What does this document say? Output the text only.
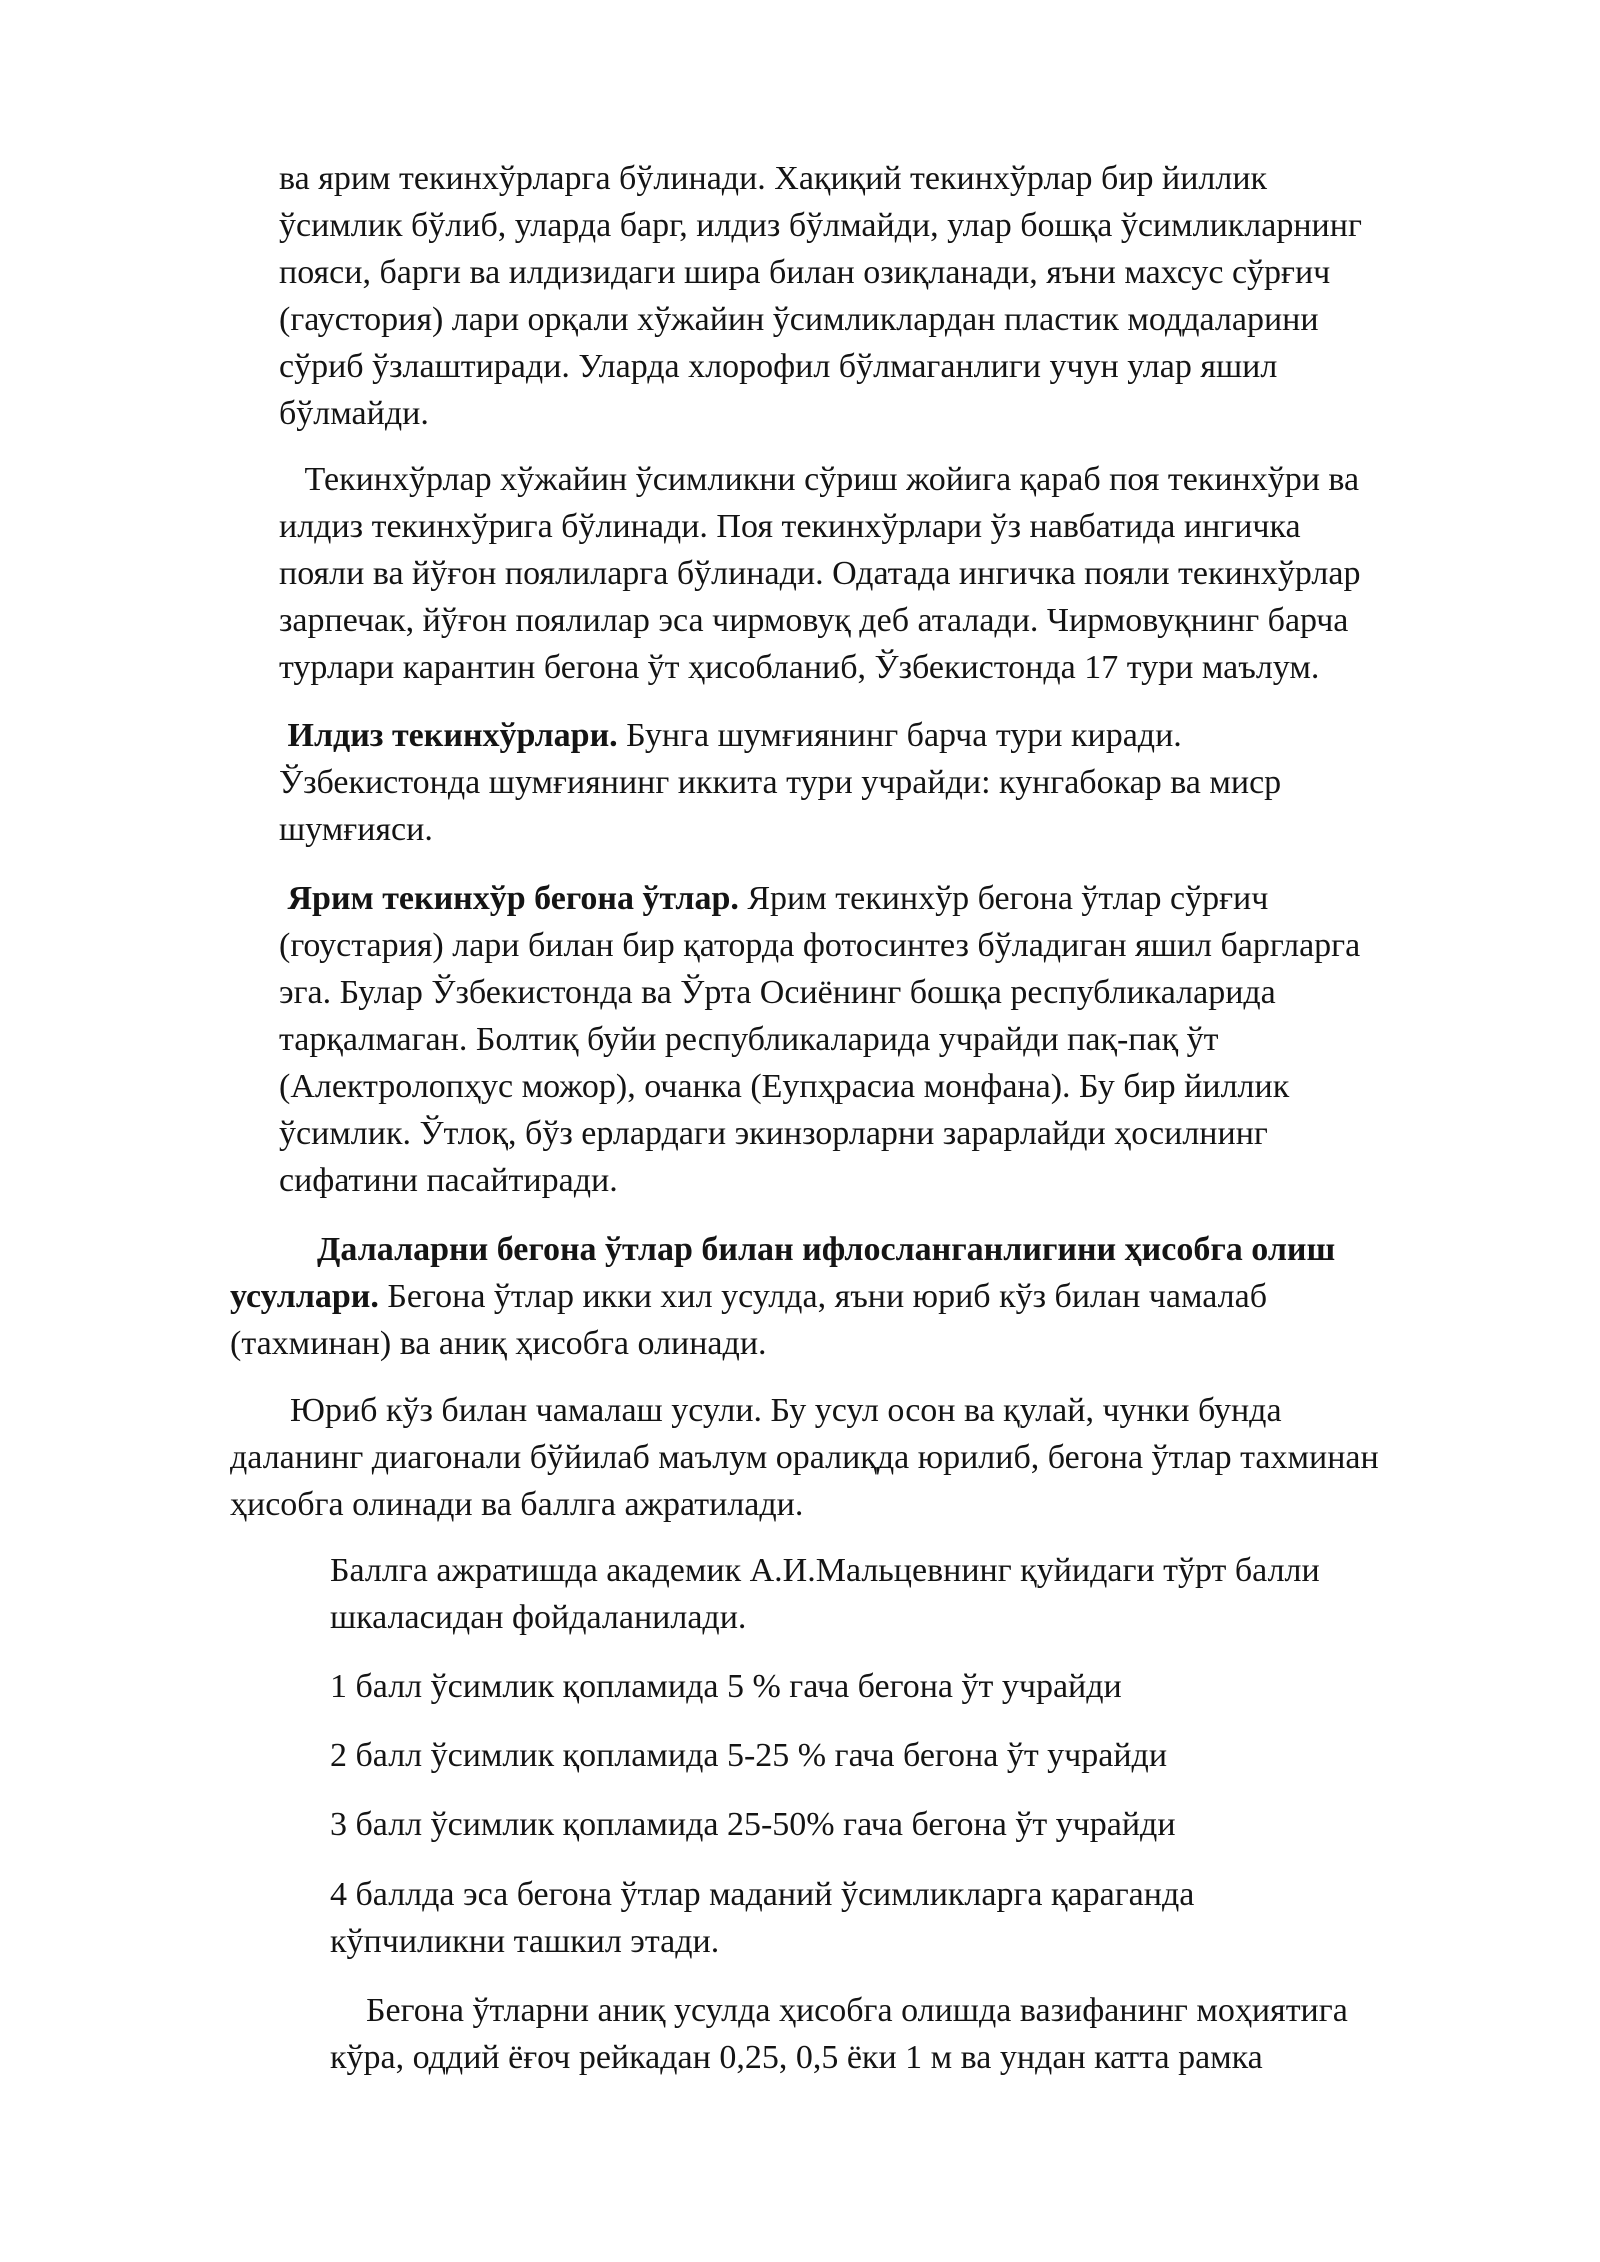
ва ярим текинхўрларга бўлинади. Хақиқий текинхўрлар бир йиллик
ўсимлик бўлиб, уларда барг, илдиз бўлмайди, улар бошқа ўсимликларнинг
пояси, барги ва илдизидаги шира билан озиқланади, яъни махсус сўрғич
(гаустория) лари орқали хўжайин ўсимликлардан пластик моддаларини
сўриб ўзлаштиради. Уларда хлорофил бўлмаганлиги учун улар яшил
бўлмайди.

Текинхўрлар хўжайин ўсимликни сўриш жойига қараб поя текинхўри ва
илдиз текинхўрига бўлинади. Поя текинхўрлари ўз навбатида ингичка
пояли ва йўғон поялиларга бўлинади. Одатада ингичка пояли текинхўрлар
зарпечак, йўғон поялилар эса чирмовуқ деб аталади. Чирмовуқнинг барча
турлари карантин бегона ўт ҳисобланиб, Ўзбекистонда 17 тури маълум.

Илдиз текинхўрлари. Бунга шумғиянинг барча тури киради.
Ўзбекистонда шумғиянинг иккита тури учрайди: кунгабокар ва миср
шумғияси.

Ярим текинхўр бегона ўтлар. Ярим текинхўр бегона ўтлар сўрғич
(гоустария) лари билан бир қаторда фотосинтез бўладиган яшил баргларга
эга. Булар Ўзбекистонда ва Ўрта Осиёнинг бошқа республикаларида
тарқалмаган. Болтиқ буйи республикаларида учрайди пақ-пақ ўт
(Алектролопҳус можор), очанка (Еупҳрасиа монфана). Бу бир йиллик
ўсимлик. Ўтлоқ, бўз ерлардаги экинзорларни зарарлайди ҳосилнинг
сифатини пасайтиради.

Далаларни бегона ўтлар билан ифлосланганлигини ҳисобга олиш
усуллари. Бегона ўтлар икки хил усулда, яъни юриб кўз билан чамалаб
(тахминан) ва аниқ ҳисобга олинади.

Юриб кўз билан чамалаш усули. Бу усул осон ва қулай, чунки бунда
даланинг диагонали бўйилаб маълум оралиқда юрилиб, бегона ўтлар тахминан
ҳисобга олинади ва баллга ажратилади.

Баллга ажратишда академик А.И.Мальцевнинг қуйидаги тўрт балли
шкаласидан фойдаланилади.

1 балл ўсимлик қопламида 5 % гача бегона ўт учрайди

2 балл ўсимлик қопламида 5-25 % гача бегона ўт учрайди

3 балл ўсимлик қопламида 25-50% гача бегона ўт учрайди

4 баллда эса бегона ўтлар маданий ўсимликларга қараганда
кўпчиликни ташкил этади.

Бегона ўтларни аниқ усулда ҳисобга олишда вазифанинг моҳиятига
кўра, оддий ёғоч рейкадан 0,25, 0,5 ёки 1 м ва ундан катта рамка
